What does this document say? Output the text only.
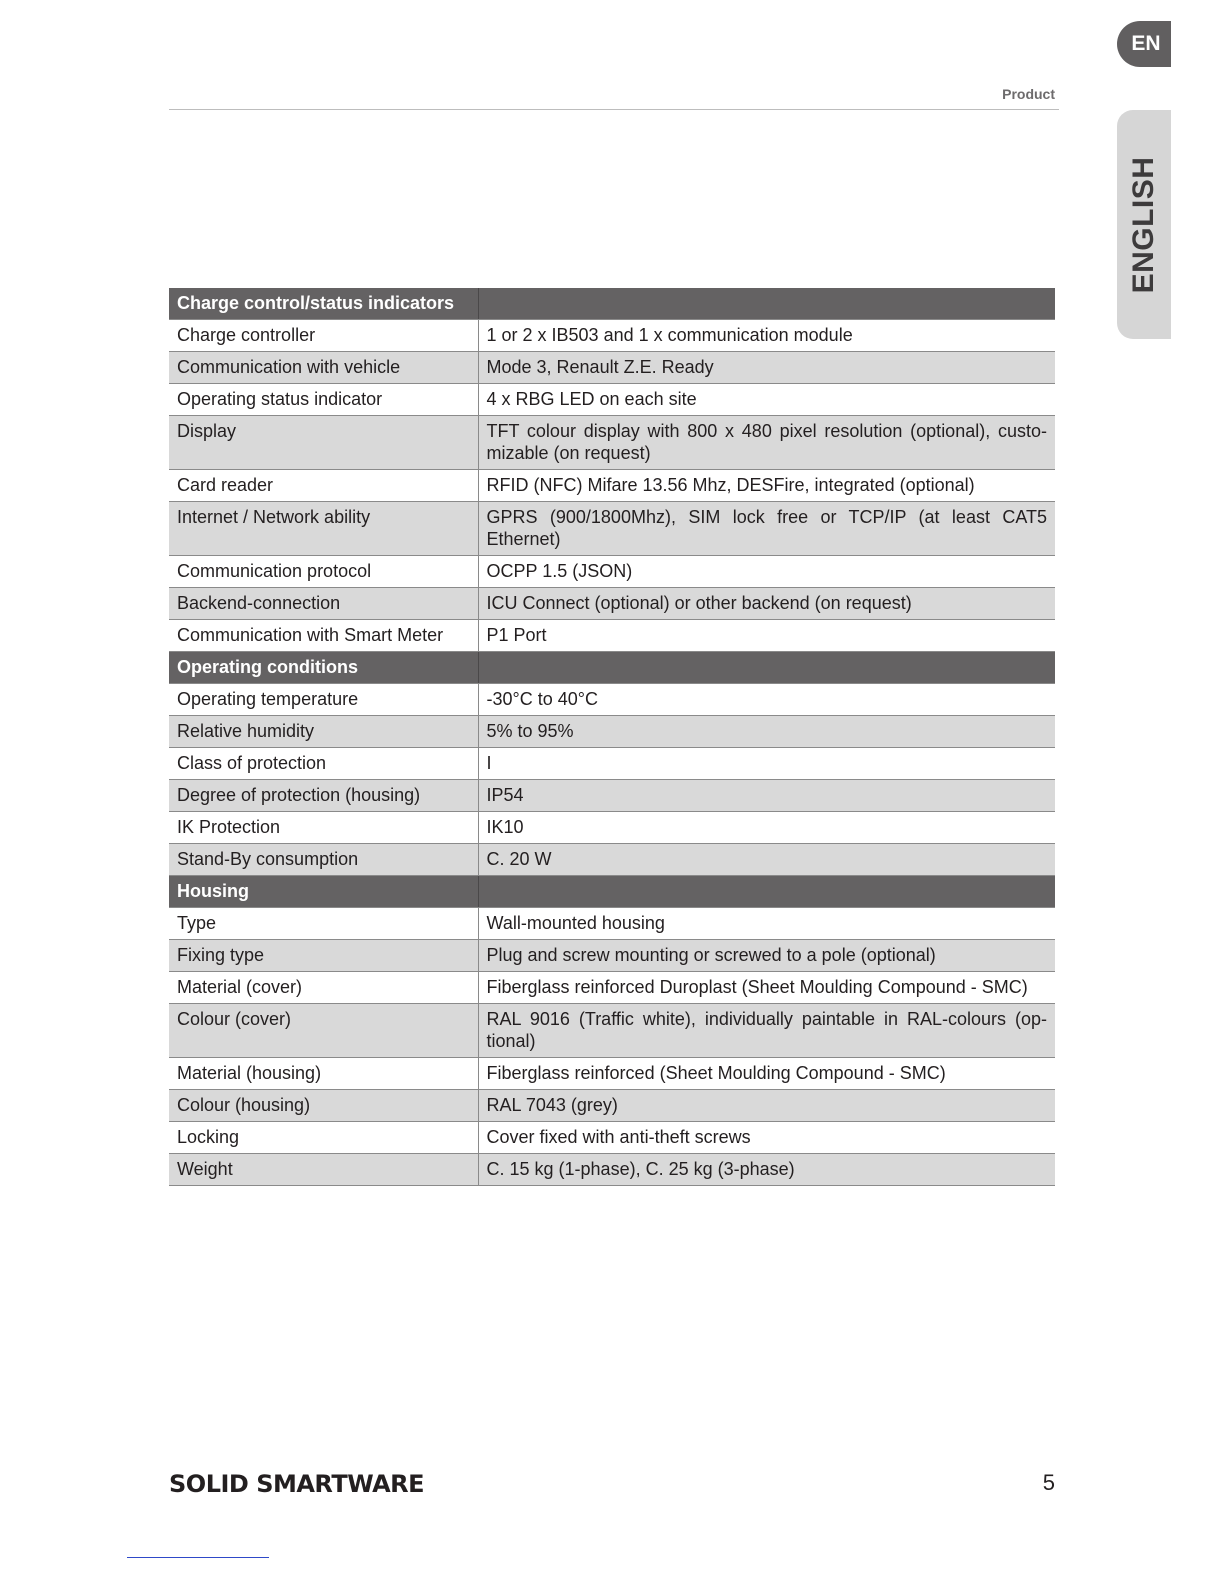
EN
ENGLISH
Product
Charge control/status indicators	
Charge controller	1 or 2 x IB503 and 1 x communication module
Communication with vehicle	Mode 3, Renault Z.E. Ready
Operating status indicator	4 x RBG LED on each site
Display	TFT colour display with 800 x 480 pixel resolution (optional), custo-mizable (on request)
Card reader	RFID (NFC) Mifare 13.56 Mhz, DESFire, integrated (optional)
Internet / Network ability	GPRS (900/1800Mhz), SIM lock free or TCP/IP (at least CAT5 Ethernet)
Communication protocol	OCPP 1.5 (JSON)
Backend-connection	ICU Connect (optional) or other backend (on request)
Communication with Smart Meter	P1 Port
Operating conditions	
Operating temperature	-30°C to 40°C
Relative humidity	5% to 95%
Class of protection	I
Degree of protection (housing)	IP54
IK Protection	IK10
Stand-By consumption	C. 20 W
Housing	
Type	Wall-mounted housing
Fixing type	Plug and screw mounting or screwed to a pole (optional)
Material (cover)	Fiberglass reinforced Duroplast (Sheet Moulding Compound - SMC)
Colour (cover)	RAL 9016 (Traffic white), individually paintable in RAL-colours (op-tional)
Material (housing)	Fiberglass reinforced (Sheet Moulding Compound - SMC)
Colour (housing)	RAL 7043 (grey)
Locking	Cover fixed with anti-theft screws
Weight	C. 15 kg (1-phase), C. 25 kg (3-phase)
SOLID SMARTWARE	5
